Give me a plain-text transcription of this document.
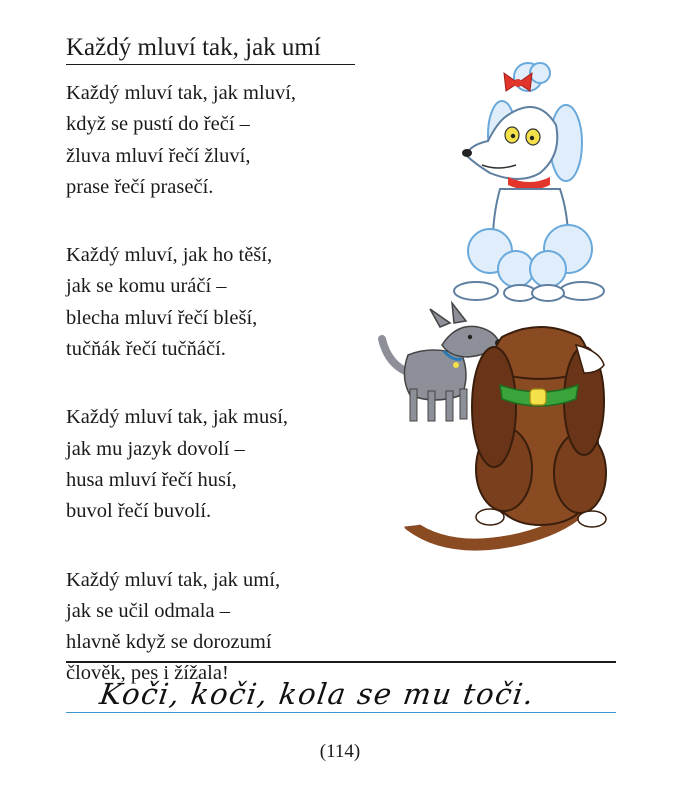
Každý mluví tak, jak umí
Každý mluví tak, jak mluví,
když se pustí do řečí –
žluva mluví řečí žluví,
prase řečí prasečí.
Každý mluví, jak ho těší,
jak se komu uráčí –
blecha mluví řečí bleší,
tučňák řečí tučňáčí.
Každý mluví tak, jak musí,
jak mu jazyk dovolí –
husa mluví řečí husí,
buvol řečí buvolí.
Každý mluví tak, jak umí,
jak se učil odmala –
hlavně když se dorozumí
člověk, pes i žížala!
Koči, koči, kola se mu toči.
(114)
